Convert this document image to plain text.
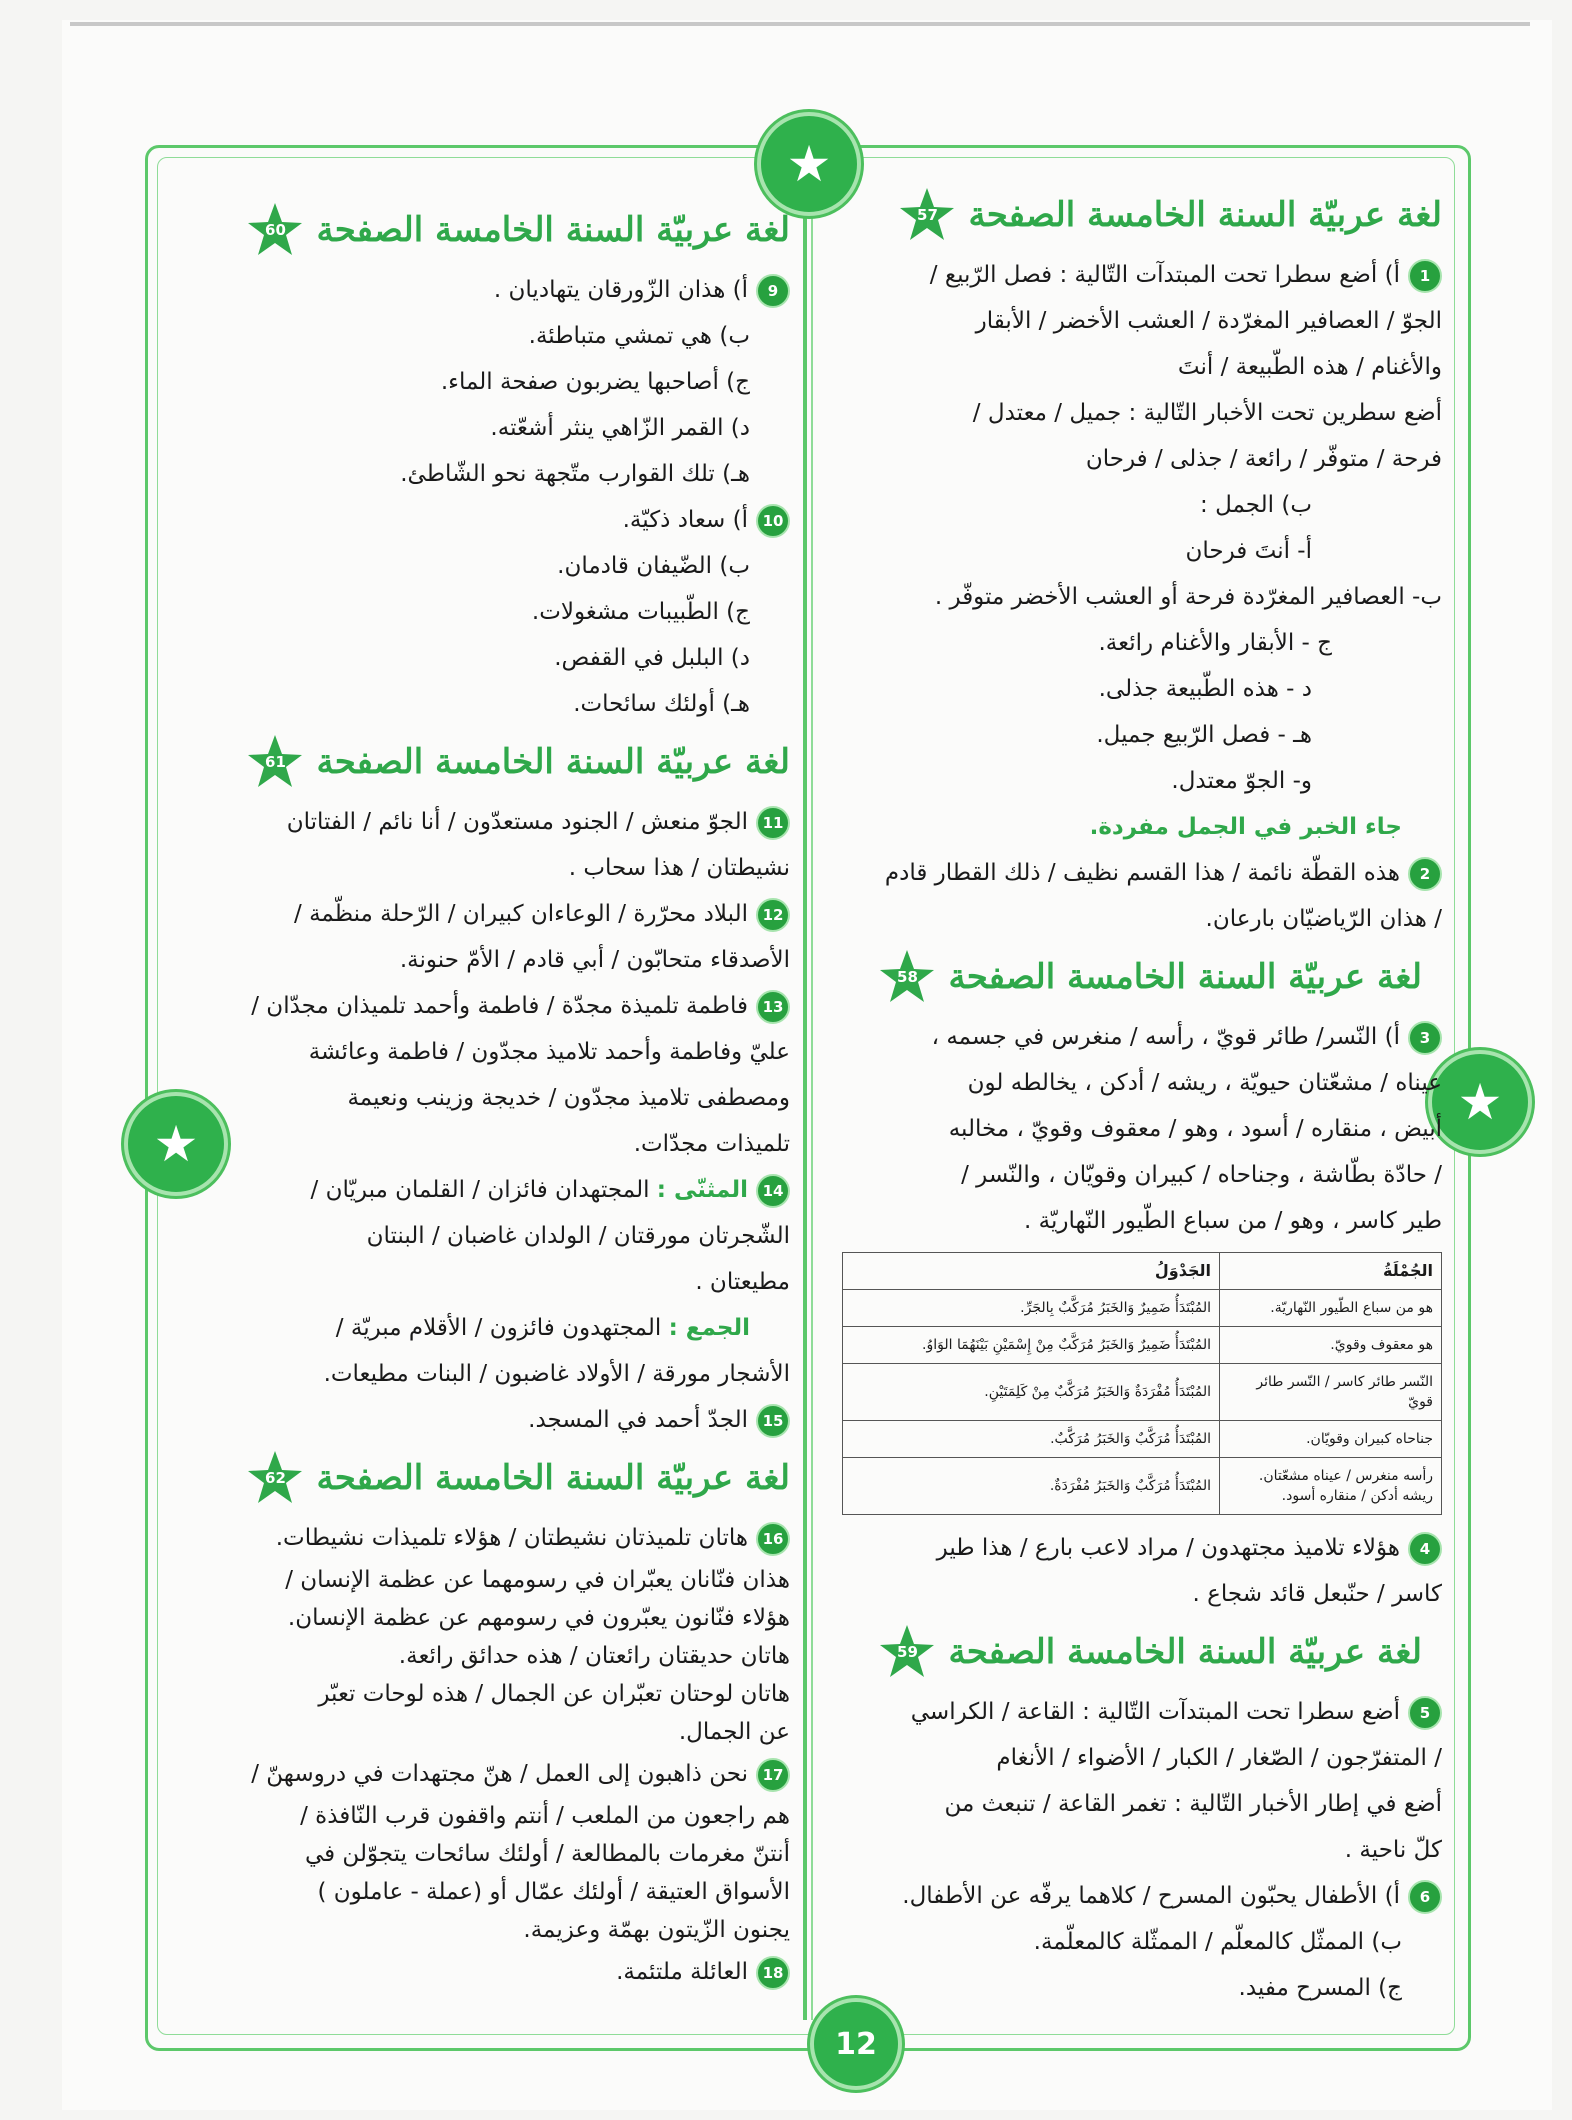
★
★
★
12
لغة عربيّة السنة الخامسة الصفحة
57
1أ) أضع سطرا تحت المبتدآت التّالية : فصل الرّبيع /
الجوّ / العصافير المغرّدة / العشب الأخضر / الأبقار
والأغنام / هذه الطّبيعة / أنتَ
أضع سطرين تحت الأخبار التّالية : جميل / معتدل /
فرحة / متوفّر / رائعة / جذلى / فرحان
ب) الجمل :
أ- أنتَ فرحان
ب- العصافير المغرّدة فرحة أو العشب الأخضر متوفّر .
ج - الأبقار والأغنام رائعة.
د - هذه الطّبيعة جذلى.
هـ - فصل الرّبيع جميل.
و- الجوّ معتدل.
جاء الخبر في الجمل مفردة.
2هذه القطّة نائمة / هذا القسم نظيف / ذلك القطار قادم
/ هذان الرّياضيّان بارعان.
لغة عربيّة السنة الخامسة الصفحة
58
3أ) النّسر/ طائر قويّ ، رأسه / منغرس في جسمه ،
عيناه / مشعّتان حيويّة ، ريشه / أدكن ، يخالطه لون
أبيض ، منقاره / أسود ، وهو / معقوف وقويّ ، مخالبه
/ حادّة بطّاشة ، وجناحاه / كبيران وقويّان ، والنّسر /
طير كاسر ، وهو / من سباع الطّيور النّهاريّة .
الجُمْلَةُ	الجَدْوَلُ
هو من سباع الطّيور النّهاريّة.	المُبْتَدَأُ ضَمِيرٌ وَالخَبَرُ مُرَكَّبٌ بِالجَرِّ.
هو معقوف وقويّ.	المُبْتَدَأُ ضَمِيرٌ وَالخَبَرُ مُرَكَّبٌ مِنْ إِسْمَيْنِ بَيْنَهُمَا الوَاوُ.
النّسر طائر كاسر / النّسر طائر قويّ	المُبْتَدَأُ مُفْرَدَةٌ وَالخَبَرُ مُرَكَّبٌ مِنْ كَلِمَتَيْنِ.
جناحاه كبيران وقويّان.	المُبْتَدَأُ مُرَكَّبٌ وَالخَبَرُ مُرَكَّبٌ.
رأسه منغرس / عيناه مشعّتان. ريشه أدكن / منقاره أسود.	المُبْتَدَأُ مُرَكَّبٌ وَالخَبَرُ مُفْرَدَةٌ.
4هؤلاء تلاميذ مجتهدون / مراد لاعب بارع / هذا طير
كاسر / حنّبعل قائد شجاع .
لغة عربيّة السنة الخامسة الصفحة
59
5أضع سطرا تحت المبتدآت التّالية : القاعة / الكراسي
/ المتفرّجون / الصّغار / الكبار / الأضواء / الأنغام
أضع في إطار الأخبار التّالية : تغمر القاعة / تنبعث من
كلّ ناحية .
6أ) الأطفال يحبّون المسرح / كلاهما يرفّه عن الأطفال.
ب) الممثّل كالمعلّم / الممثّلة كالمعلّمة.
ج) المسرح مفيد.
لغة عربيّة السنة الخامسة الصفحة
60
9أ) هذان الزّورقان يتهاديان .
ب) هي تمشي متباطئة.
ج) أصاحبها يضربون صفحة الماء.
د) القمر الزّاهي ينثر أشعّته.
هـ) تلك القوارب متّجهة نحو الشّاطئ.
10أ) سعاد ذكيّة.
ب) الضّيفان قادمان.
ج) الطّبيبات مشغولات.
د) البلبل في القفص.
هـ) أولئك سائحات.
لغة عربيّة السنة الخامسة الصفحة
61
11الجوّ منعش / الجنود مستعدّون / أنا نائم / الفتاتان
نشيطتان / هذا سحاب .
12البلاد محرّرة / الوعاءان كبيران / الرّحلة منظّمة /
الأصدقاء متحابّون / أبي قادم / الأمّ حنونة.
13فاطمة تلميذة مجدّة / فاطمة وأحمد تلميذان مجدّان /
عليّ وفاطمة وأحمد تلاميذ مجدّون / فاطمة وعائشة
ومصطفى تلاميذ مجدّون / خديجة وزينب ونعيمة
تلميذات مجدّات.
14المثنّى : المجتهدان فائزان / القلمان مبريّان /
الشّجرتان مورقتان / الولدان غاضبان / البنتان
مطيعتان .
الجمع : المجتهدون فائزون / الأقلام مبريّة /
الأشجار مورقة / الأولاد غاضبون / البنات مطيعات.
15الجدّ أحمد في المسجد.
لغة عربيّة السنة الخامسة الصفحة
62
16هاتان تلميذتان نشيطتان / هؤلاء تلميذات نشيطات.
هذان فنّانان يعبّران في رسومهما عن عظمة الإنسان /
هؤلاء فنّانون يعبّرون في رسومهم عن عظمة الإنسان.
هاتان حديقتان رائعتان / هذه حدائق رائعة.
هاتان لوحتان تعبّران عن الجمال / هذه لوحات تعبّر
عن الجمال.
17نحن ذاهبون إلى العمل / هنّ مجتهدات في دروسهنّ /
هم راجعون من الملعب / أنتم واقفون قرب النّافذة /
أنتنّ مغرمات بالمطالعة / أولئك سائحات يتجوّلن في
الأسواق العتيقة / أولئك عمّال أو (عملة - عاملون )
يجنون الزّيتون بهمّة وعزيمة.
18العائلة ملتئمة.
